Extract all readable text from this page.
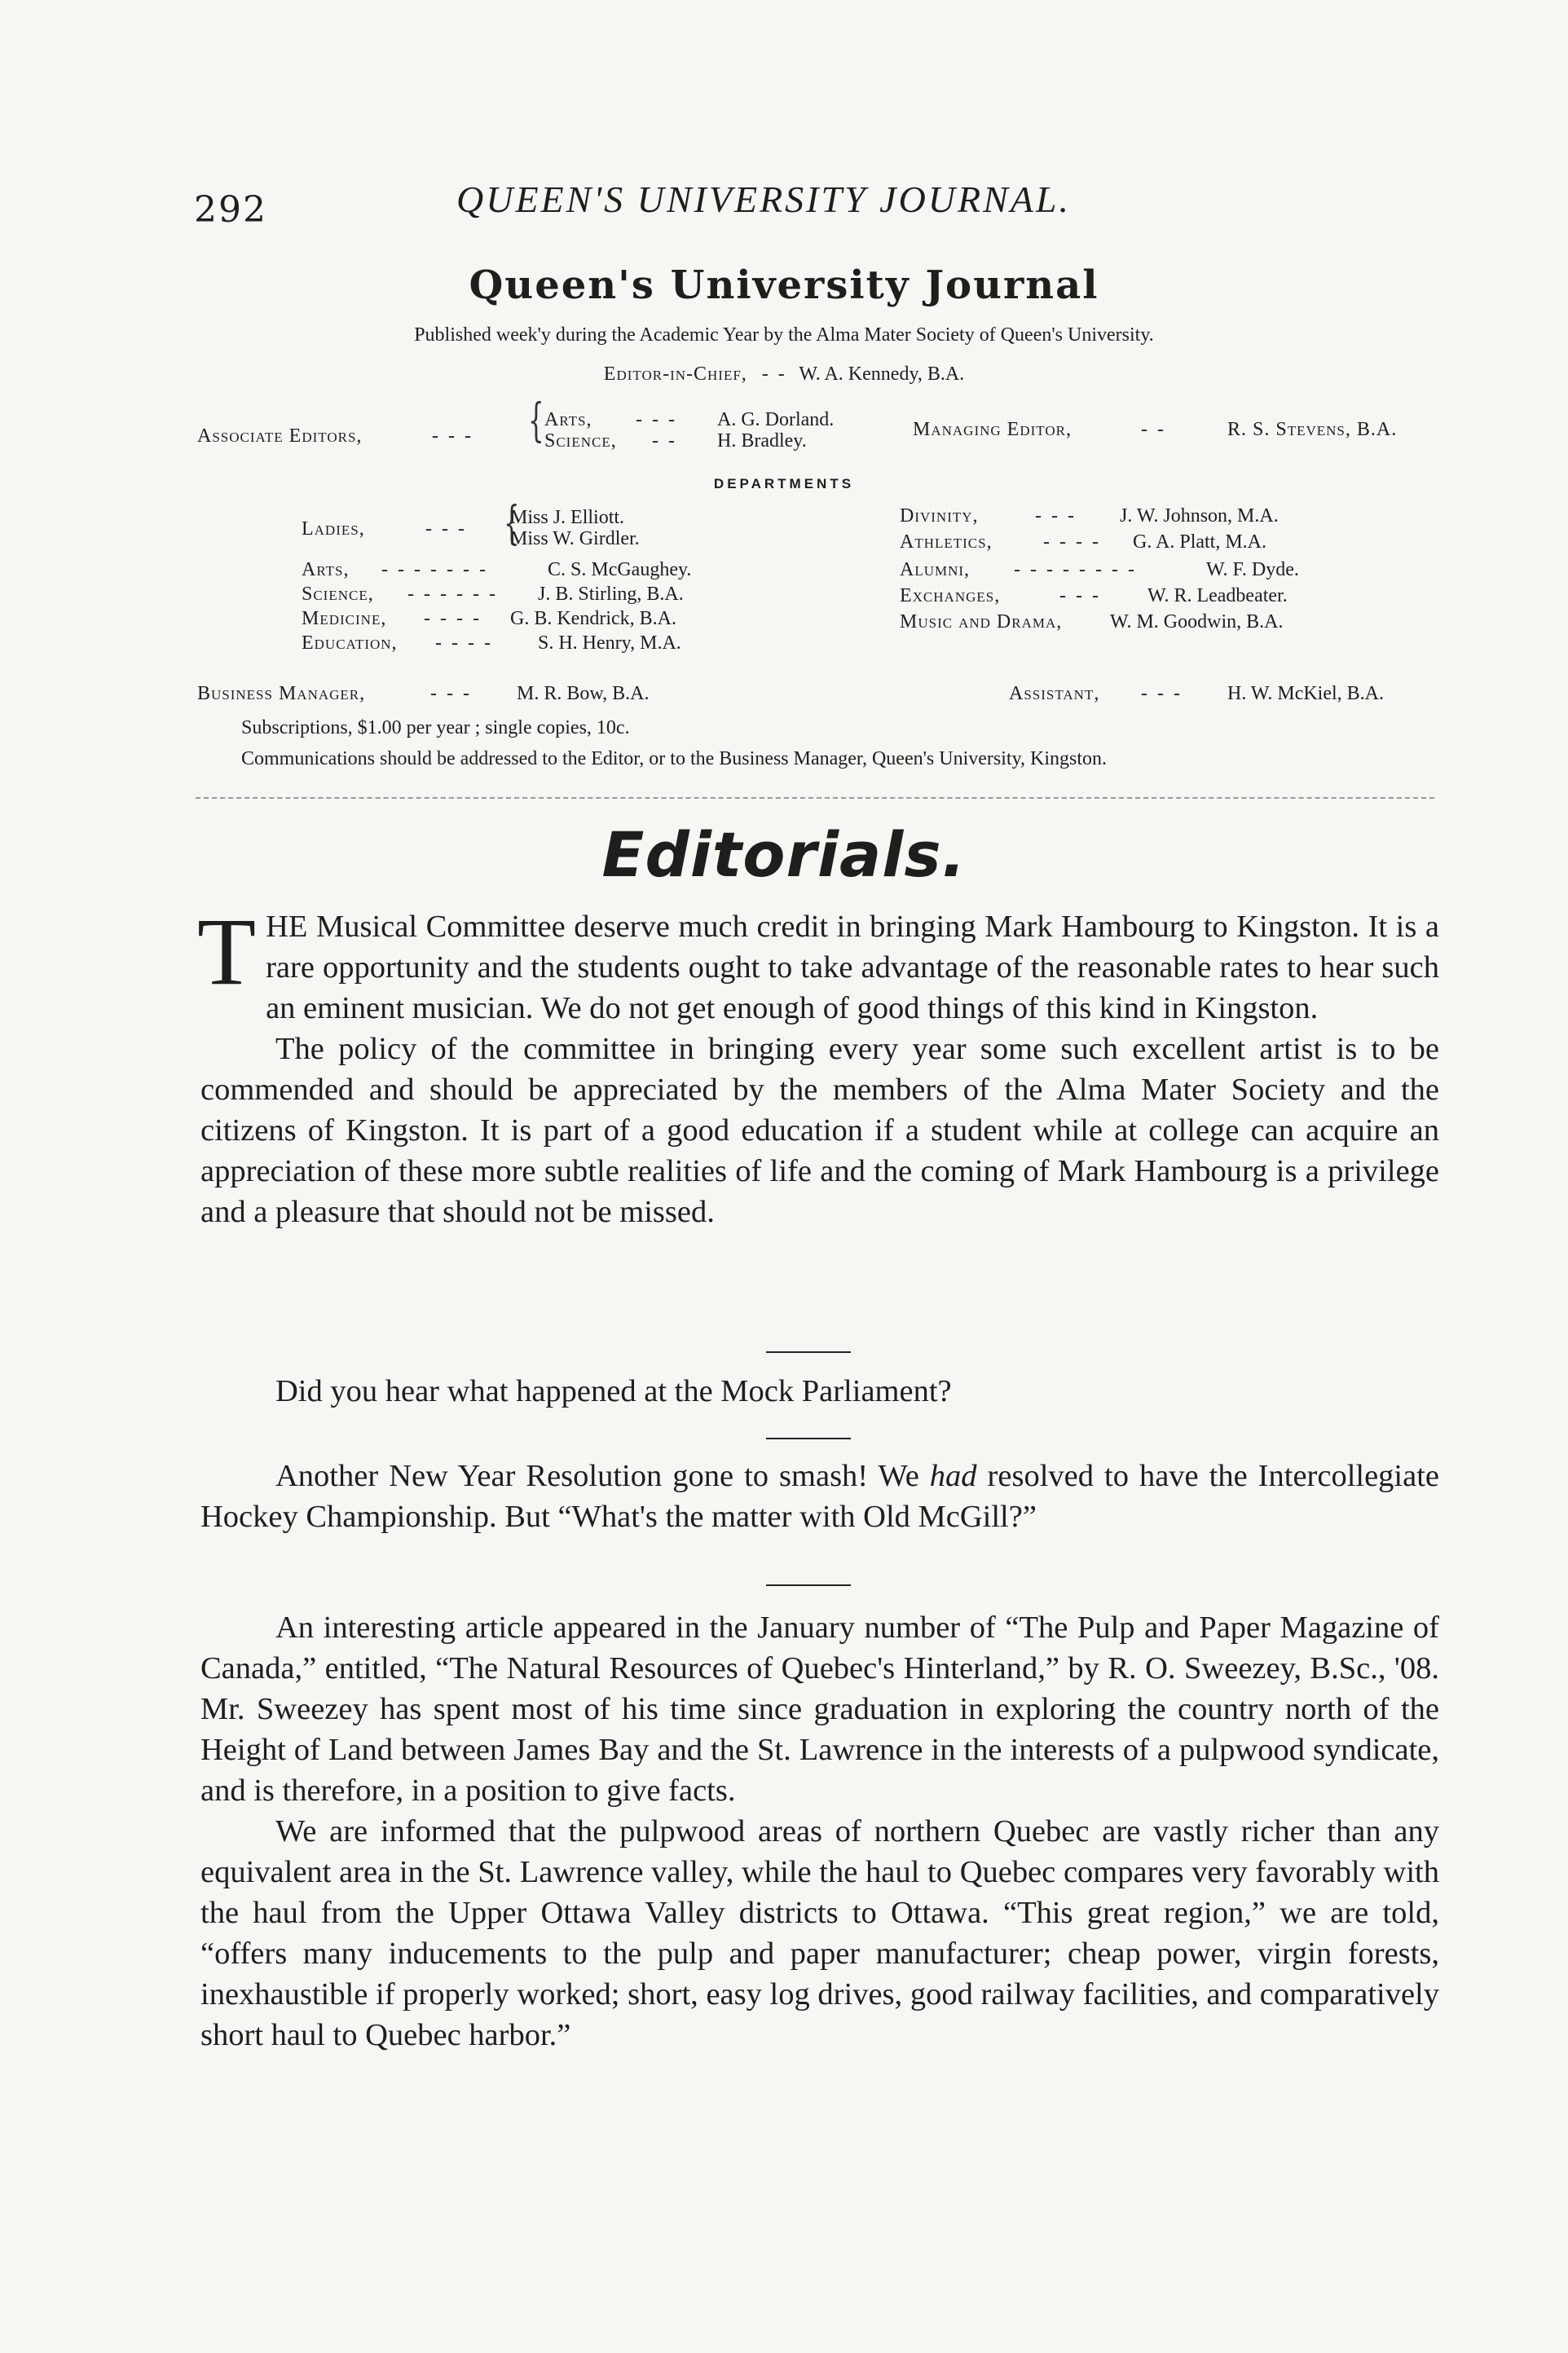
292	QUEEN'S UNIVERSITY JOURNAL.
Queen's University Journal
Published week'y during the Academic Year by the Alma Mater Society of Queen's University.
Editor-in-Chief,   -  -   W. A. Kennedy, B.A.
Associate Editors,	-  -  - { Arts, -  -  - A. G. Dorland.
Science, -  - H. Bradley.
Managing Editor,	-  -	R. S. Stevens, B.A.
DEPARTMENTS
Ladies,	-  -  - {
Miss J. Elliott.
Miss W. Girdler.
Arts, -  -  -  -  -  -  -	C. S. McGaughey.
Science, -  -  -  -  -  - J. B. Stirling, B.A.
Medicine, -  -  -  - G. B. Kendrick, B.A.
Education, -  -  -  - S. H. Henry, M.A.
Divinity,	-  -  - J. W. Johnson, M.A.
Athletics,	-  -  -  - G. A. Platt, M.A.
Alumni, -  -  -  -  -  -  -  -	W. F. Dyde.
Exchanges,	-  -  -	W. R. Leadbeater.
Music and Drama, W. M. Goodwin, B.A.
Business Manager,	-  -  - M. R. Bow, B.A.	Assistant, -  -  - H. W. McKiel, B.A.
Subscriptions, $1.00 per year ; single copies, 10c.
Communications should be addressed to the Editor, or to the Business Manager, Queen's University, Kingston.
Editorials.

THE Musical Committee deserve much credit in bringing Mark Hambourg to Kingston. It is a rare opportunity and the students ought to take advantage of the reasonable rates to hear such an eminent musician. We do not get enough of good things of this kind in Kingston.

The policy of the committee in bringing every year some such excellent artist is to be commended and should be appreciated by the members of the Alma Mater Society and the citizens of Kingston. It is part of a good education if a student while at college can acquire an appreciation of these more subtle realities of life and the coming of Mark Hambourg is a privilege and a pleasure that should not be missed.

Did you hear what happened at the Mock Parliament?

Another New Year Resolution gone to smash! We had resolved to have the Intercollegiate Hockey Championship. But “What's the matter with Old McGill?”

An interesting article appeared in the January number of “The Pulp and Paper Magazine of Canada,” entitled, “The Natural Resources of Quebec's Hinterland,” by R. O. Sweezey, B.Sc., '08. Mr. Sweezey has spent most of his time since graduation in exploring the country north of the Height of Land between James Bay and the St. Lawrence in the interests of a pulpwood syndicate, and is therefore, in a position to give facts.

We are informed that the pulpwood areas of northern Quebec are vastly richer than any equivalent area in the St. Lawrence valley, while the haul to Quebec compares very favorably with the haul from the Upper Ottawa Valley districts to Ottawa. “This great region,” we are told, “offers many inducements to the pulp and paper manufacturer; cheap power, virgin forests, inexhaustible if properly worked; short, easy log drives, good railway facilities, and comparatively short haul to Quebec harbor.”
